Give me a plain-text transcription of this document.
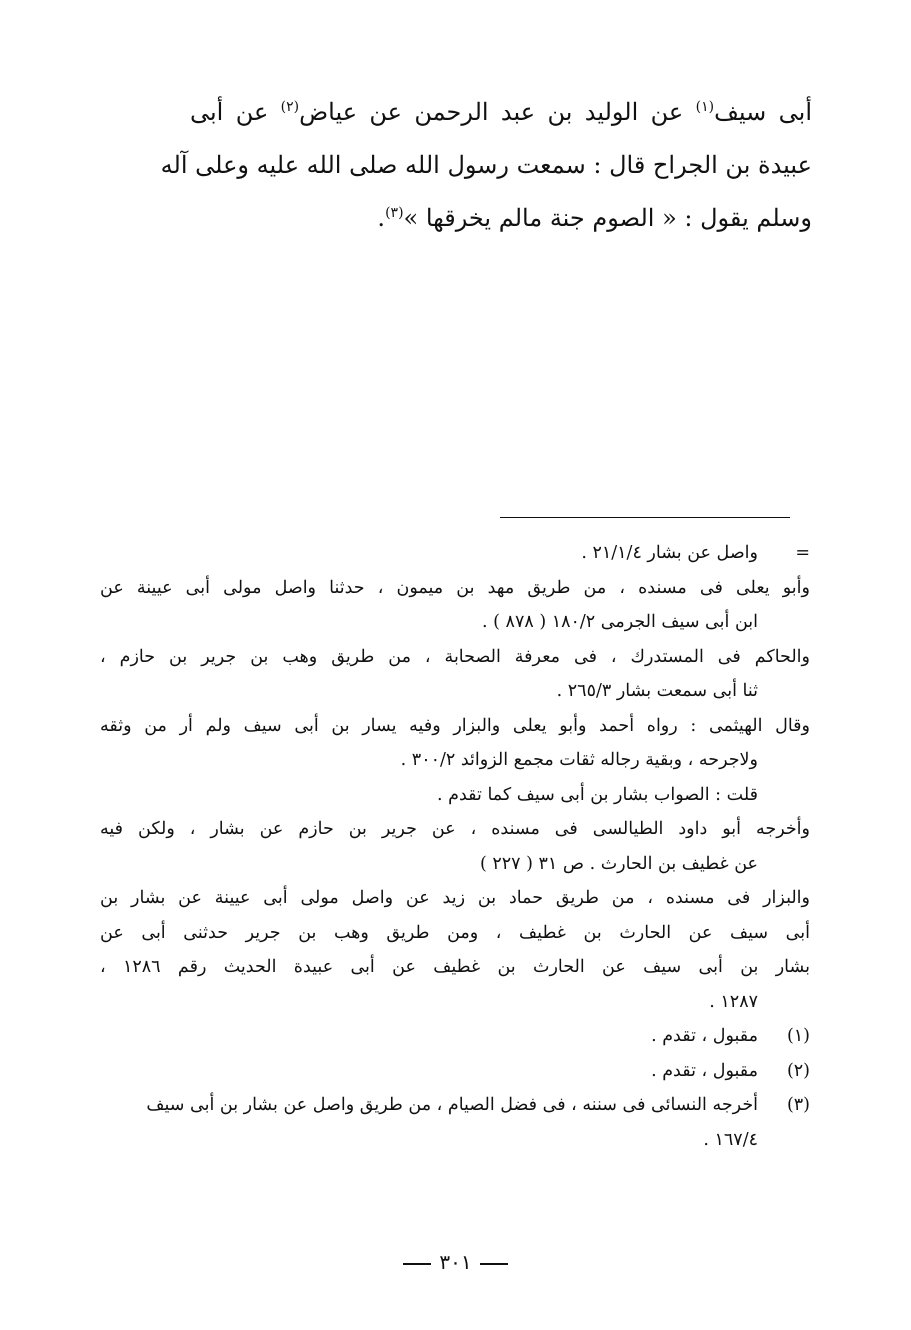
أبى سيف$^{(١)}$ عن الوليد بن عبد الرحمن عن عياض$^{(٢)}$ عن أبى

عبيدة بن الجراح قال : سمعت رسول الله صلى الله عليه وعلى آله

وسلم يقول : « الصوم جنة مالم يخرقها »$^{(٣)}$.

=
واصل عن بشار ٢١/١/٤ .

وأبو يعلى فى مسنده ، من طريق مهد بن ميمون ، حدثنا واصل مولى أبى عيينة عن

ابن أبى سيف الجرمى ١٨٠/٢ ( ٨٧٨ ) .

والحاكم فى المستدرك ، فى معرفة الصحابة ، من طريق وهب بن جرير بن حازم ،

ثنا أبى سمعت بشار ٢٦٥/٣ .

وقال الهيثمى : رواه أحمد وأبو يعلى والبزار وفيه يسار بن أبى سيف ولم أر من وثقه

ولاجرحه ، وبقية رجاله ثقات مجمع الزوائد ٣٠٠/٢ .

قلت : الصواب بشار بن أبى سيف كما تقدم .

وأخرجه أبو داود الطيالسى فى مسنده ، عن جرير بن حازم عن بشار ، ولكن فيه

عن غطيف بن الحارث . ص ٣١ ( ٢٢٧ )

والبزار فى مسنده ، من طريق حماد بن زيد عن واصل مولى أبى عيينة عن بشار بن

أبى سيف عن الحارث بن غطيف ، ومن طريق وهب بن جرير حدثنى أبى عن

بشار بن أبى سيف عن الحارث بن غطيف عن أبى عبيدة الحديث رقم ١٢٨٦ ،

١٢٨٧ .

(١)
مقبول ، تقدم .
(٢)
مقبول ، تقدم .
(٣)
أخرجه النسائى فى سننه ، فى فضل الصيام ، من طريق واصل عن بشار بن أبى سيف

١٦٧/٤ .

٣٠١
